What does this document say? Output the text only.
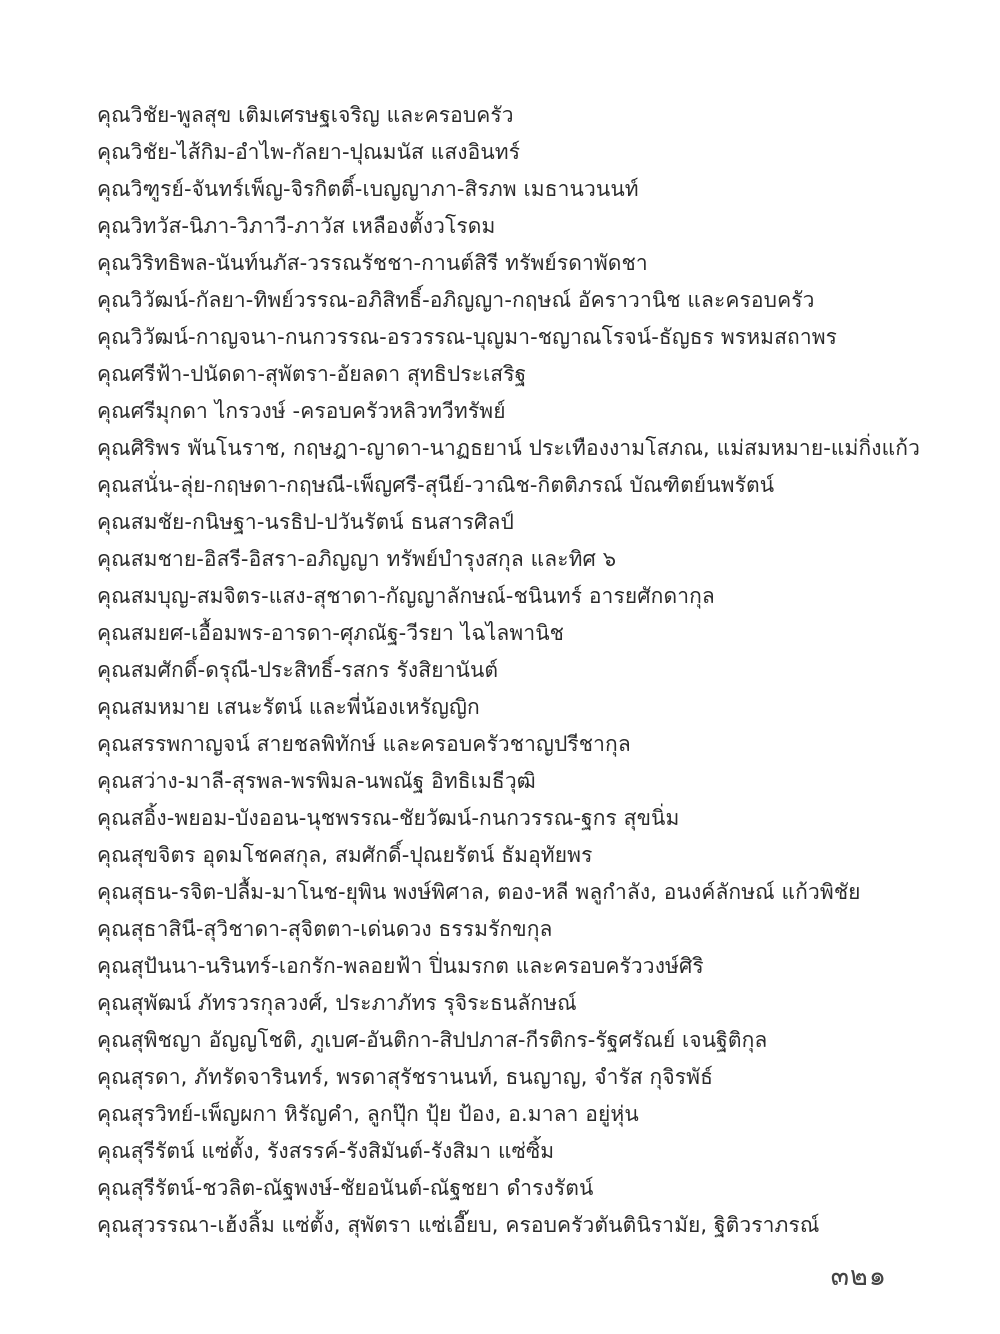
คุณวิชัย-พูลสุข เติมเศรษฐเจริญ และครอบครัว
คุณวิชัย-ไส้กิม-อำไพ-กัลยา-ปุณมนัส แสงอินทร์
คุณวิฑูรย์-จันทร์เพ็ญ-จิรกิตติ์-เบญญาภา-สิรภพ เมธานวนนท์
คุณวิทวัส-นิภา-วิภาวี-ภาวัส เหลืองตั้งวโรดม
คุณวิริทธิพล-นันท์นภัส-วรรณรัชชา-กานต์สิรี ทรัพย์รดาพัดชา
คุณวิวัฒน์-กัลยา-ทิพย์วรรณ-อภิสิทธิ์-อภิญญา-กฤษณ์ อัคราวานิช และครอบครัว
คุณวิวัฒน์-กาญจนา-กนกวรรณ-อรวรรณ-บุญมา-ชญาณโรจน์-ธัญธร พรหมสถาพร
คุณศรีฟ้า-ปนัดดา-สุพัตรา-อัยลดา สุทธิประเสริฐ
คุณศรีมุกดา ไกรวงษ์ -ครอบครัวหลิวทวีทรัพย์
คุณศิริพร พันโนราช, กฤษฎา-ญาดา-นาฏธยาน์ ประเทืองงามโสภณ, แม่สมหมาย-แม่กิ่งแก้ว
คุณสนั่น-ลุ่ย-กฤษดา-กฤษณี-เพ็ญศรี-สุนีย์-วาณิช-กิตติภรณ์ บัณฑิตย์นพรัตน์
คุณสมชัย-กนิษฐา-นรธิป-ปวันรัตน์ ธนสารศิลป์
คุณสมชาย-อิสรี-อิสรา-อภิญญา ทรัพย์บำรุงสกุล และทิศ ๖
คุณสมบุญ-สมจิตร-แสง-สุชาดา-กัญญาลักษณ์-ชนินทร์ อารยศักดากุล
คุณสมยศ-เอื้อมพร-อารดา-ศุภณัฐ-วีรยา ไฉไลพานิช
คุณสมศักดิ์-ดรุณี-ประสิทธิ์-รสกร รังสิยานันต์
คุณสมหมาย เสนะรัตน์ และพี่น้องเหรัญญิก
คุณสรรพกาญจน์ สายชลพิทักษ์ และครอบครัวชาญปรีชากุล
คุณสว่าง-มาลี-สุรพล-พรพิมล-นพณัฐ อิทธิเมธีวุฒิ
คุณสอิ้ง-พยอม-บังออน-นุชพรรณ-ชัยวัฒน์-กนกวรรณ-ฐกร สุขนิ่ม
คุณสุขจิตร อุดมโชคสกุล, สมศักดิ์-ปุณยรัตน์ ธัมอุทัยพร
คุณสุธน-รจิต-ปลื้ม-มาโนช-ยุพิน พงษ์พิศาล, ตอง-หลี พลูกำลัง, อนงค์ลักษณ์ แก้วพิชัย
คุณสุธาสินี-สุวิชาดา-สุจิตตา-เด่นดวง ธรรมรักขกุล
คุณสุปันนา-นรินทร์-เอกรัก-พลอยฟ้า ปิ่นมรกต และครอบครัววงษ์ศิริ
คุณสุพัฒน์ ภัทรวรกุลวงศ์, ประภาภัทร รุจิระธนลักษณ์
คุณสุพิชญา อัญญโชติ, ภูเบศ-อันติกา-สิปปภาส-กีรติกร-รัฐศรัณย์ เจนฐิติกุล
คุณสุรดา, ภัทรัดจารินทร์, พรดาสุรัชรานนท์, ธนญาญ, จำรัส กุจิรพัธ์
คุณสุรวิทย์-เพ็ญผกา หิรัญคำ, ลูกปุ๊ก ปุ้ย ป้อง, อ.มาลา อยู่หุ่น
คุณสุรีรัตน์ แซ่ตั้ง, รังสรรค์-รังสิมันต์-รังสิมา แซ่ซิ้ม
คุณสุรีรัตน์-ชวลิต-ณัฐพงษ์-ชัยอนันต์-ณัฐชยา ดำรงรัตน์
คุณสุวรรณา-เฮ้งลิ้ม แซ่ตั้ง, สุพัตรา แซ่เอี๊ยบ, ครอบครัวตันตินิรามัย, ฐิติวราภรณ์
๓๒๑
